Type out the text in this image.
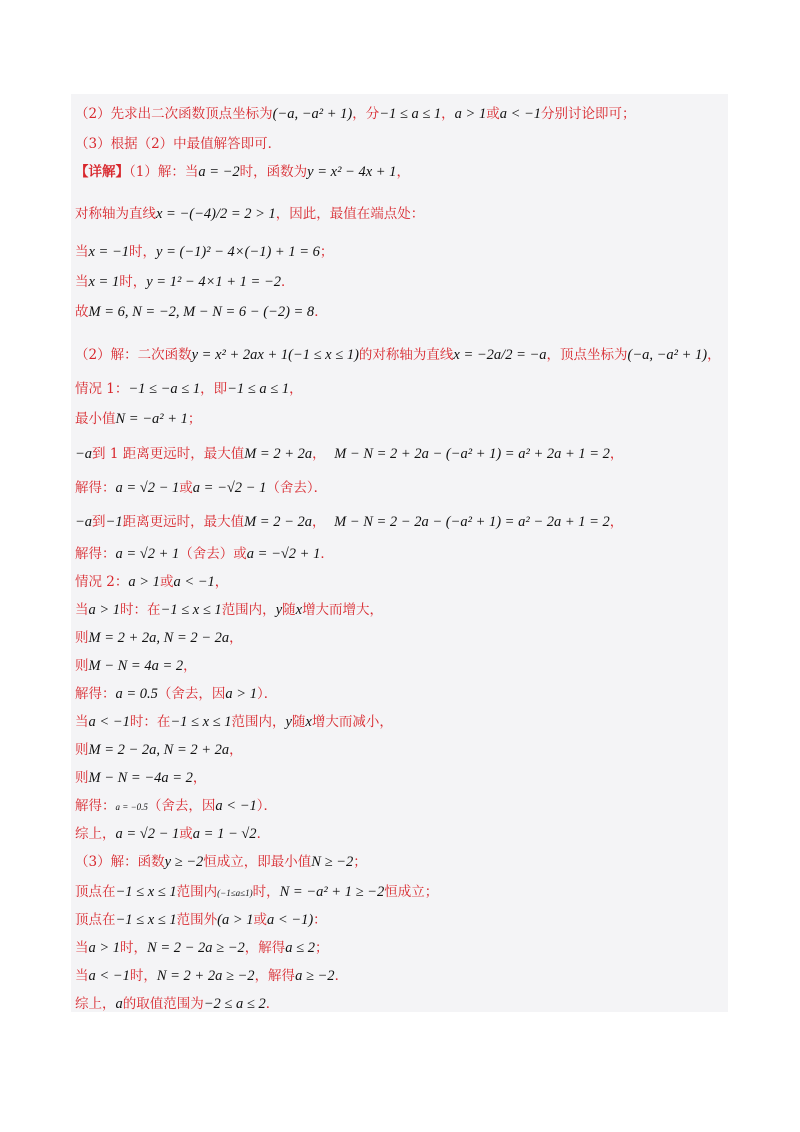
（2）先求出二次函数顶点坐标为(−a, −a² + 1)，分−1 ≤ a ≤ 1，a > 1或a < −1分别讨论即可；
（3）根据（2）中最值解答即可．
【详解】（1）解：当a = −2时，函数为y = x² − 4x + 1，
对称轴为直线x = −(−4)/2 = 2 > 1，因此，最值在端点处：
当x = −1时，y = (−1)² − 4×(−1) + 1 = 6；
当x = 1时，y = 1² − 4×1 + 1 = −2．
故M = 6, N = −2, M − N = 6 − (−2) = 8．
（2）解：二次函数y = x² + 2ax + 1(−1 ≤ x ≤ 1)的对称轴为直线x = −2a/2 = −a，顶点坐标为(−a, −a² + 1)，
情况 1：−1 ≤ −a ≤ 1，即−1 ≤ a ≤ 1，
最小值N = −a² + 1；
−a到 1 距离更远时，最大值M = 2 + 2a，  M − N = 2 + 2a − (−a² + 1) = a² + 2a + 1 = 2，
解得：a = √2 − 1或a = −√2 − 1（舍去）．
−a到−1距离更远时，最大值M = 2 − 2a，  M − N = 2 − 2a − (−a² + 1) = a² − 2a + 1 = 2，
解得：a = √2 + 1（舍去）或a = −√2 + 1．
情况 2：a > 1或a < −1，
当a > 1时：在−1 ≤ x ≤ 1范围内，y随x增大而增大，
则M = 2 + 2a, N = 2 − 2a，
则M − N = 4a = 2，
解得：a = 0.5（舍去，因a > 1）．
当a < −1时：在−1 ≤ x ≤ 1范围内，y随x增大而减小，
则M = 2 − 2a, N = 2 + 2a，
则M − N = −4a = 2，
解得：a = −0.5（舍去，因a < −1）．
综上，a = √2 − 1或a = 1 − √2．
（3）解：函数y ≥ −2恒成立，即最小值N ≥ −2；
顶点在−1 ≤ x ≤ 1范围内(−1≤a≤1)时，N = −a² + 1 ≥ −2恒成立；
顶点在−1 ≤ x ≤ 1范围外(a > 1或a < −1)：
当a > 1时，N = 2 − 2a ≥ −2，解得a ≤ 2；
当a < −1时，N = 2 + 2a ≥ −2，解得a ≥ −2．
综上，a的取值范围为−2 ≤ a ≤ 2．
